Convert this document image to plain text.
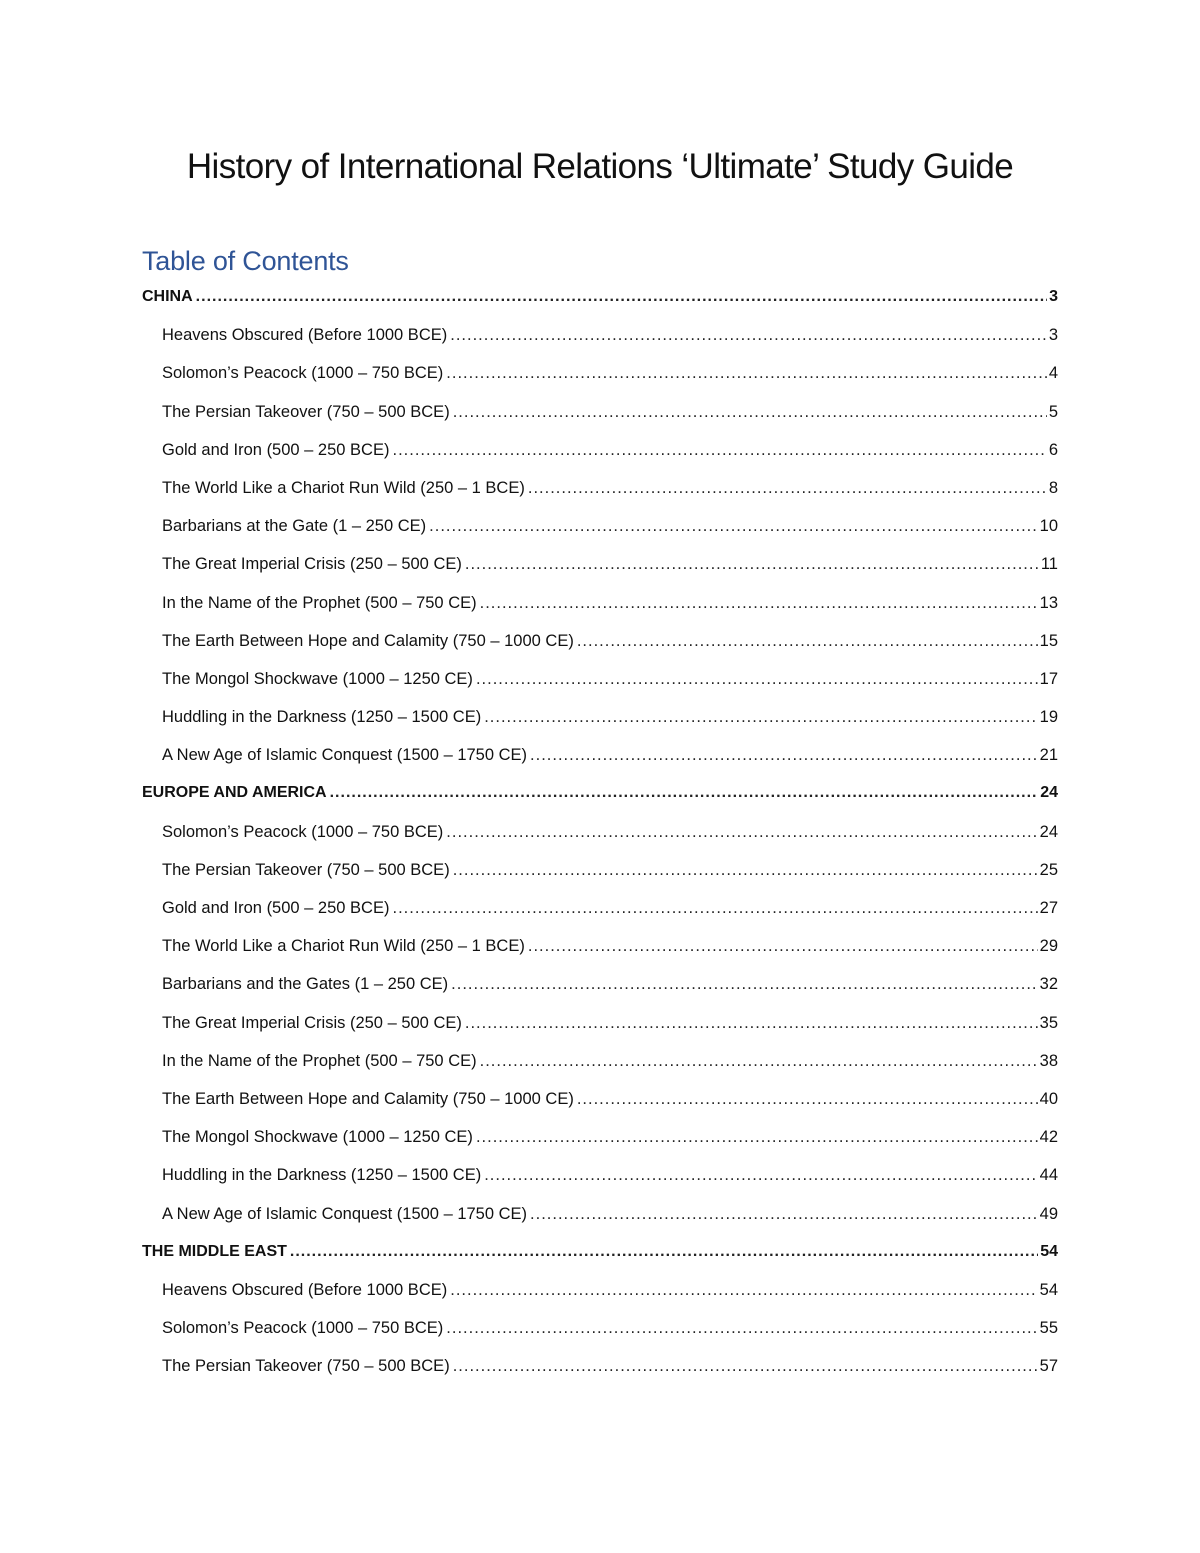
History of International Relations ‘Ultimate’ Study Guide
Table of Contents
CHINA .....	3
Heavens Obscured (Before 1000 BCE) .....	3
Solomon’s Peacock (1000 – 750 BCE) .....	4
The Persian Takeover (750 – 500 BCE) .....	5
Gold and Iron (500 – 250 BCE) .....	6
The World Like a Chariot Run Wild (250 – 1 BCE) .....	8
Barbarians at the Gate (1 – 250 CE) .....	10
The Great Imperial Crisis (250 – 500 CE) .....	11
In the Name of the Prophet (500 – 750 CE) .....	13
The Earth Between Hope and Calamity (750 – 1000 CE) .....	15
The Mongol Shockwave (1000 – 1250 CE) .....	17
Huddling in the Darkness (1250 – 1500 CE) .....	19
A New Age of Islamic Conquest (1500 – 1750 CE) .....	21
EUROPE AND AMERICA .....	24
Solomon’s Peacock (1000 – 750 BCE) .....	24
The Persian Takeover (750 – 500 BCE) .....	25
Gold and Iron (500 – 250 BCE) .....	27
The World Like a Chariot Run Wild (250 – 1 BCE) .....	29
Barbarians and the Gates (1 – 250 CE) .....	32
The Great Imperial Crisis (250 – 500 CE) .....	35
In the Name of the Prophet (500 – 750 CE) .....	38
The Earth Between Hope and Calamity (750 – 1000 CE) .....	40
The Mongol Shockwave (1000 – 1250 CE) .....	42
Huddling in the Darkness (1250 – 1500 CE) .....	44
A New Age of Islamic Conquest (1500 – 1750 CE) .....	49
THE MIDDLE EAST .....	54
Heavens Obscured (Before 1000 BCE) .....	54
Solomon’s Peacock (1000 – 750 BCE) .....	55
The Persian Takeover (750 – 500 BCE) .....	57
